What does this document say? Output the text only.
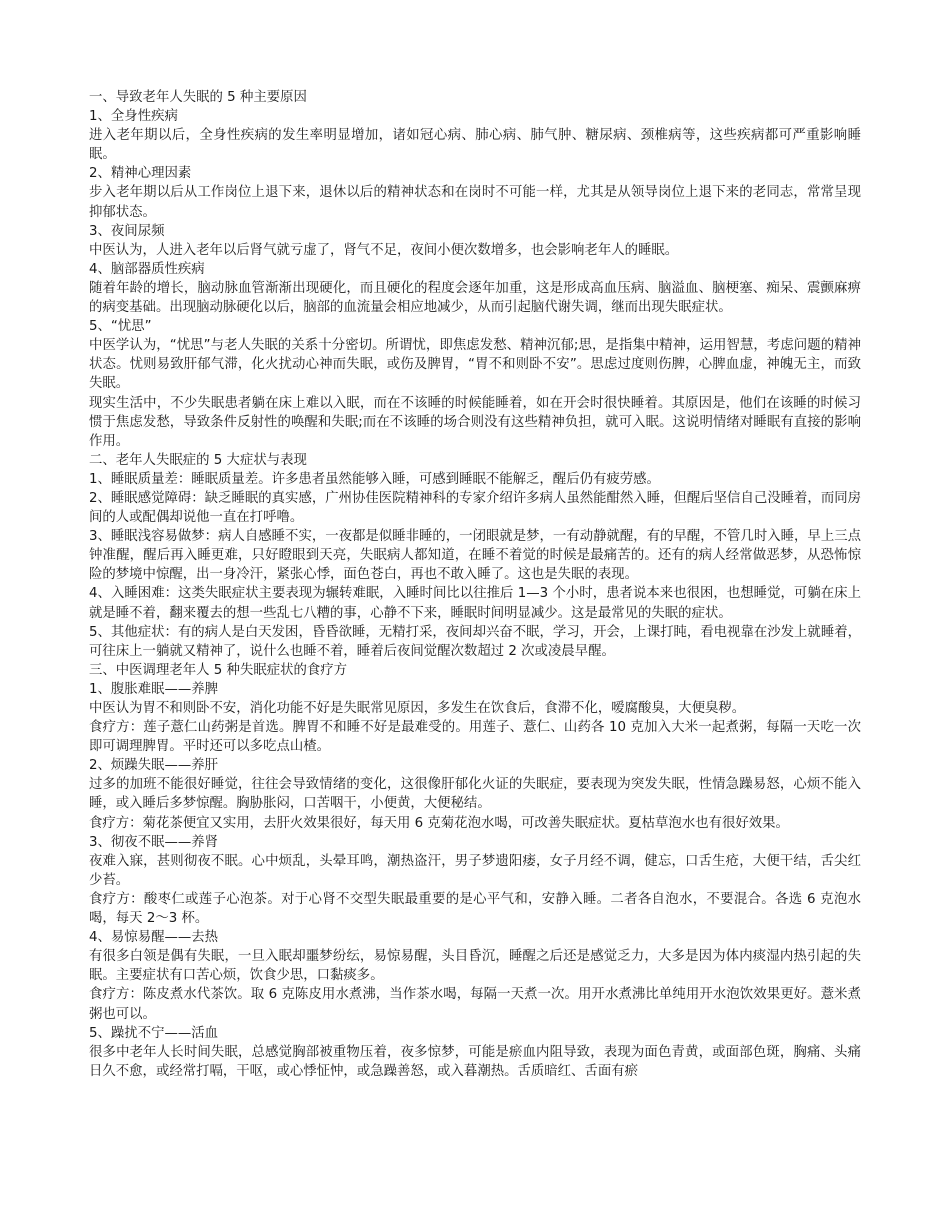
一、导致老年人失眠的 5 种主要原因

1、全身性疾病

进入老年期以后，全身性疾病的发生率明显增加，诸如冠心病、肺心病、肺气肿、糖尿病、颈椎病等，这些疾病都可严重影响睡眠。

2、精神心理因素

步入老年期以后从工作岗位上退下来，退休以后的精神状态和在岗时不可能一样，尤其是从领导岗位上退下来的老同志，常常呈现抑郁状态。

3、夜间尿频

中医认为，人进入老年以后肾气就亏虚了，肾气不足，夜间小便次数增多，也会影响老年人的睡眠。

4、脑部器质性疾病

随着年龄的增长，脑动脉血管渐渐出现硬化，而且硬化的程度会逐年加重，这是形成高血压病、脑溢血、脑梗塞、痴呆、震颤麻痹的病变基础。出现脑动脉硬化以后，脑部的血流量会相应地减少，从而引起脑代谢失调，继而出现失眠症状。

5、“忧思”

中医学认为，“忧思”与老人失眠的关系十分密切。所谓忧，即焦虑发愁、精神沉郁;思，是指集中精神，运用智慧，考虑问题的精神状态。忧则易致肝郁气滞，化火扰动心神而失眠，或伤及脾胃，“胃不和则卧不安”。思虑过度则伤脾，心脾血虚，神魄无主，而致失眠。

现实生活中，不少失眠患者躺在床上难以入眠，而在不该睡的时候能睡着，如在开会时很快睡着。其原因是，他们在该睡的时候习惯于焦虑发愁，导致条件反射性的唤醒和失眠;而在不该睡的场合则没有这些精神负担，就可入眠。这说明情绪对睡眠有直接的影响作用。

二、老年人失眠症的 5 大症状与表现

1、睡眠质量差：睡眠质量差。许多患者虽然能够入睡，可感到睡眠不能解乏，醒后仍有疲劳感。

2、睡眠感觉障碍：缺乏睡眠的真实感，广州协佳医院精神科的专家介绍许多病人虽然能酣然入睡，但醒后坚信自己没睡着，而同房间的人或配偶却说他一直在打呼噜。

3、睡眠浅容易做梦：病人自感睡不实，一夜都是似睡非睡的，一闭眼就是梦，一有动静就醒，有的早醒，不管几时入睡，早上三点钟准醒，醒后再入睡更难，只好瞪眼到天亮，失眠病人都知道，在睡不着觉的时候是最痛苦的。还有的病人经常做恶梦，从恐怖惊险的梦境中惊醒，出一身冷汗，紧张心悸，面色苍白，再也不敢入睡了。这也是失眠的表现。

4、入睡困难：这类失眠症状主要表现为辗转难眠，入睡时间比以往推后 1—3 个小时，患者说本来也很困，也想睡觉，可躺在床上就是睡不着，翻来覆去的想一些乱七八糟的事，心静不下来，睡眠时间明显减少。这是最常见的失眠的症状。

5、其他症状：有的病人是白天发困，昏昏欲睡，无精打采，夜间却兴奋不眠，学习，开会，上课打盹，看电视靠在沙发上就睡着，可往床上一躺就又精神了，说什么也睡不着，睡着后夜间觉醒次数超过 2 次或凌晨早醒。

三、中医调理老年人 5 种失眠症状的食疗方

1、腹胀难眠——养脾

中医认为胃不和则卧不安，消化功能不好是失眠常见原因，多发生在饮食后，食滞不化，嗳腐酸臭，大便臭秽。

食疗方：莲子薏仁山药粥是首选。脾胃不和睡不好是最难受的。用莲子、薏仁、山药各 10 克加入大米一起煮粥，每隔一天吃一次即可调理脾胃。平时还可以多吃点山楂。

2、烦躁失眠——养肝

过多的加班不能很好睡觉，往往会导致情绪的变化，这很像肝郁化火证的失眠症，要表现为突发失眠，性情急躁易怒，心烦不能入睡，或入睡后多梦惊醒。胸胁胀闷，口苦咽干，小便黄，大便秘结。

食疗方：菊花茶便宜又实用，去肝火效果很好，每天用 6 克菊花泡水喝，可改善失眠症状。夏枯草泡水也有很好效果。

3、彻夜不眠——养肾

夜难入寐，甚则彻夜不眠。心中烦乱，头晕耳鸣，潮热盗汗，男子梦遗阳痿，女子月经不调，健忘，口舌生疮，大便干结，舌尖红少苔。

食疗方：酸枣仁或莲子心泡茶。对于心肾不交型失眠最重要的是心平气和，安静入睡。二者各自泡水，不要混合。各选 6 克泡水喝，每天 2～3 杯。

4、易惊易醒——去热

有很多白领是偶有失眠，一旦入眠却噩梦纷纭，易惊易醒，头目昏沉，睡醒之后还是感觉乏力，大多是因为体内痰湿内热引起的失眠。主要症状有口苦心烦，饮食少思，口黏痰多。

食疗方：陈皮煮水代茶饮。取 6 克陈皮用水煮沸，当作茶水喝，每隔一天煮一次。用开水煮沸比单纯用开水泡饮效果更好。薏米煮粥也可以。

5、躁扰不宁——活血

很多中老年人长时间失眠，总感觉胸部被重物压着，夜多惊梦，可能是瘀血内阻导致，表现为面色青黄，或面部色斑，胸痛、头痛日久不愈，或经常打嗝，干呕，或心悸怔忡，或急躁善怒，或入暮潮热。舌质暗红、舌面有瘀
